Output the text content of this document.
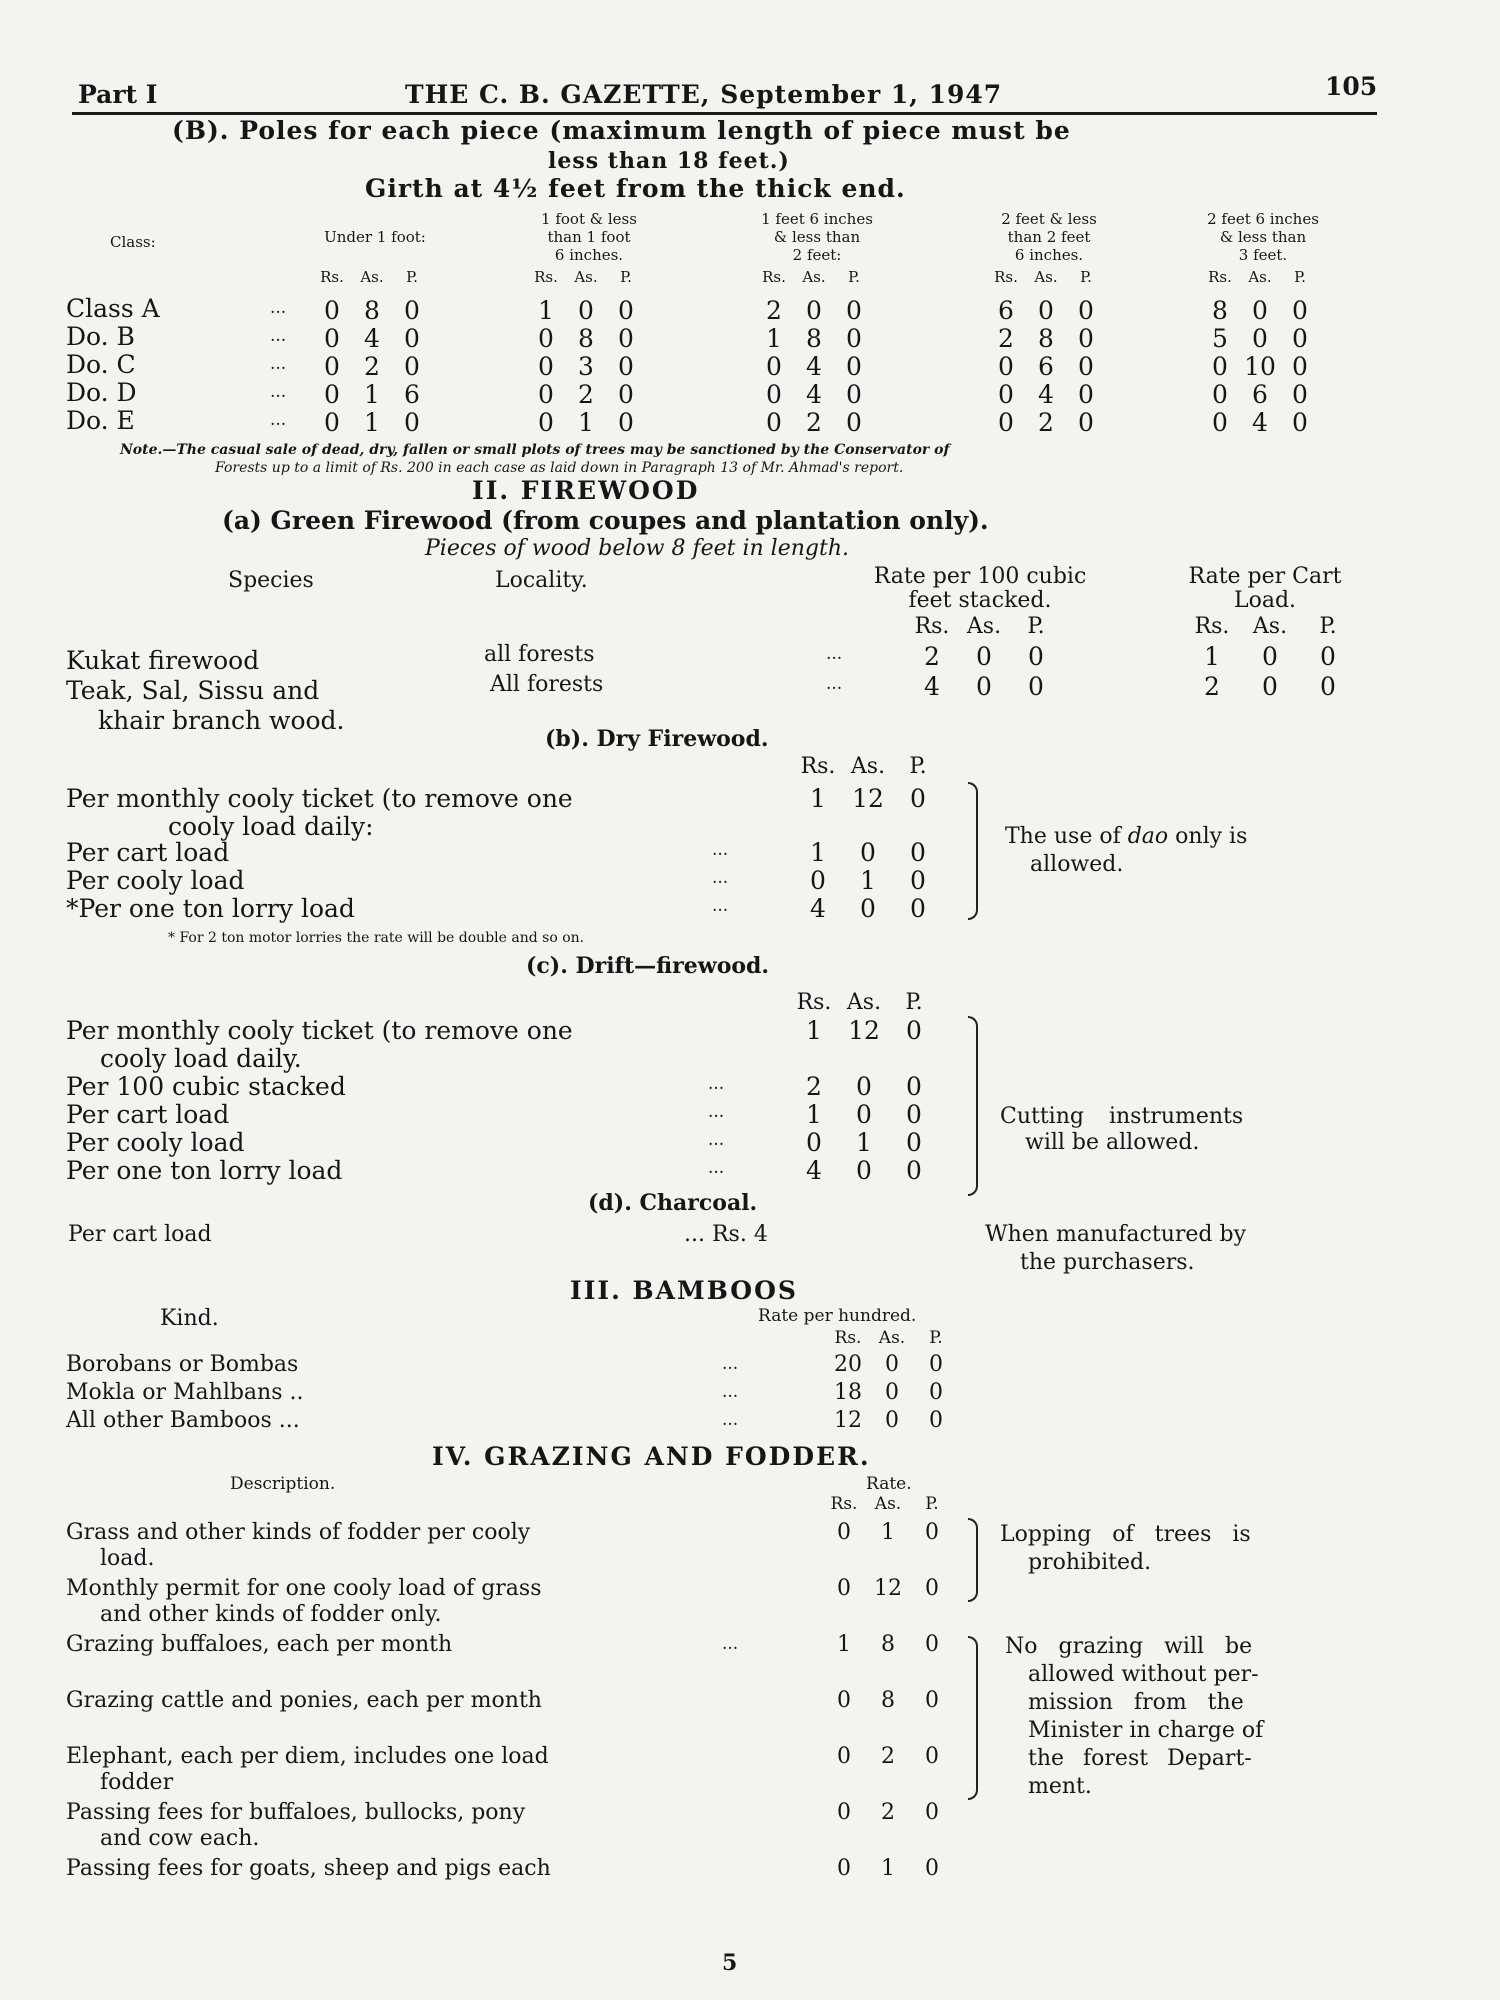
Part I	THE C. B. GAZETTE, September 1, 1947	105
(B). Poles for each piece (maximum length of piece must be
less than 18 feet.)
Girth at 4½ feet from the thick end.
Class:	Under 1 foot:
1 foot & less
than 1 foot
6 inches.
1 feet 6 inches
& less than
2 feet:
2 feet & less
than 2 feet
6 inches.
2 feet 6 inches
& less than
3 feet.
Rs.	As.	P.	Rs.	As.	P.	Rs.	As.	P.	Rs.	As.	P.	Rs.	As.	P.
Class A	...	0 8 0	1 0 0	2 0 0	6 0 0	8 0 0
Do. B	...	0 4 0	0 8 0	1 8 0	2 8 0	5 0 0
Do. C	...	0 2 0	0 3 0	0 4 0	0 6 0	0 10 0
Do. D	...	0 1 6	0 2 0	0 4 0	0 4 0	0 6 0
Do. E	...	0 1 0	0 1 0	0 2 0	0 2 0	0 4 0
Note.—The casual sale of dead, dry, fallen or small plots of trees may be sanctioned by the Conservator of
Forests up to a limit of Rs. 200 in each case as laid down in Paragraph 13 of Mr. Ahmad's report.
II. FIREWOOD
(a) Green Firewood (from coupes and plantation only).
Pieces of wood below 8 feet in length.
Species	Locality.	Rate per 100 cubic
feet stacked.
Rate per Cart
Load.
Rs. As.	P.	Rs. As.	P.
Kukat firewood	all forests	...	2	0	0	1	0	0
Teak, Sal, Sissu and
khair branch wood.
All forests	...	4	0	0	2	0	0
(b). Dry Firewood.
Rs. As.	P.
Per monthly cooly ticket (to remove one
cooly load daily:
1	12	0
Per cart load	...	1	0	0
Per cooly load	...	0	1	0
*Per one ton lorry load	...	4	0	0
The use of dao only is
allowed.
* For 2 ton motor lorries the rate will be double and so on.
(c). Drift—firewood.
Rs. As.	P.
Per monthly cooly ticket (to remove one
cooly load daily.
1	12	0
Per 100 cubic stacked	...	2	0	0
Per cart load	...	1	0	0
Per cooly load	...	0	1	0
Per one ton lorry load	...	4	0	0
Cutting instruments
will be allowed.
(d). Charcoal.
Per cart load	... Rs. 4	When manufactured by
the purchasers.
III. BAMBOOS
Kind.	Rate per hundred.
Rs.	As.	P.
Borobans or Bombas	...	20	0	0
Mokla or Mahlbans ..	...	18	0	0
All other Bamboos ...	...	12	0	0
IV. GRAZING AND FODDER.
Description.	Rate.
Rs.	As.	P.
Grass and other kinds of fodder per cooly
load.
0	1	0
Monthly permit for one cooly load of grass
and other kinds of fodder only.
0	12	0
Grazing buffaloes, each per month	...	1	8	0
Grazing cattle and ponies, each per month	0	8	0
Elephant, each per diem, includes one load
fodder
0	2	0
Passing fees for buffaloes, bullocks, pony
and cow each.
0	2	0
Passing fees for goats, sheep and pigs each	0	1	0
Lopping of trees is
prohibited.
No grazing will be
allowed without per-
mission from the
Minister in charge of
the forest Depart-
ment.
5
